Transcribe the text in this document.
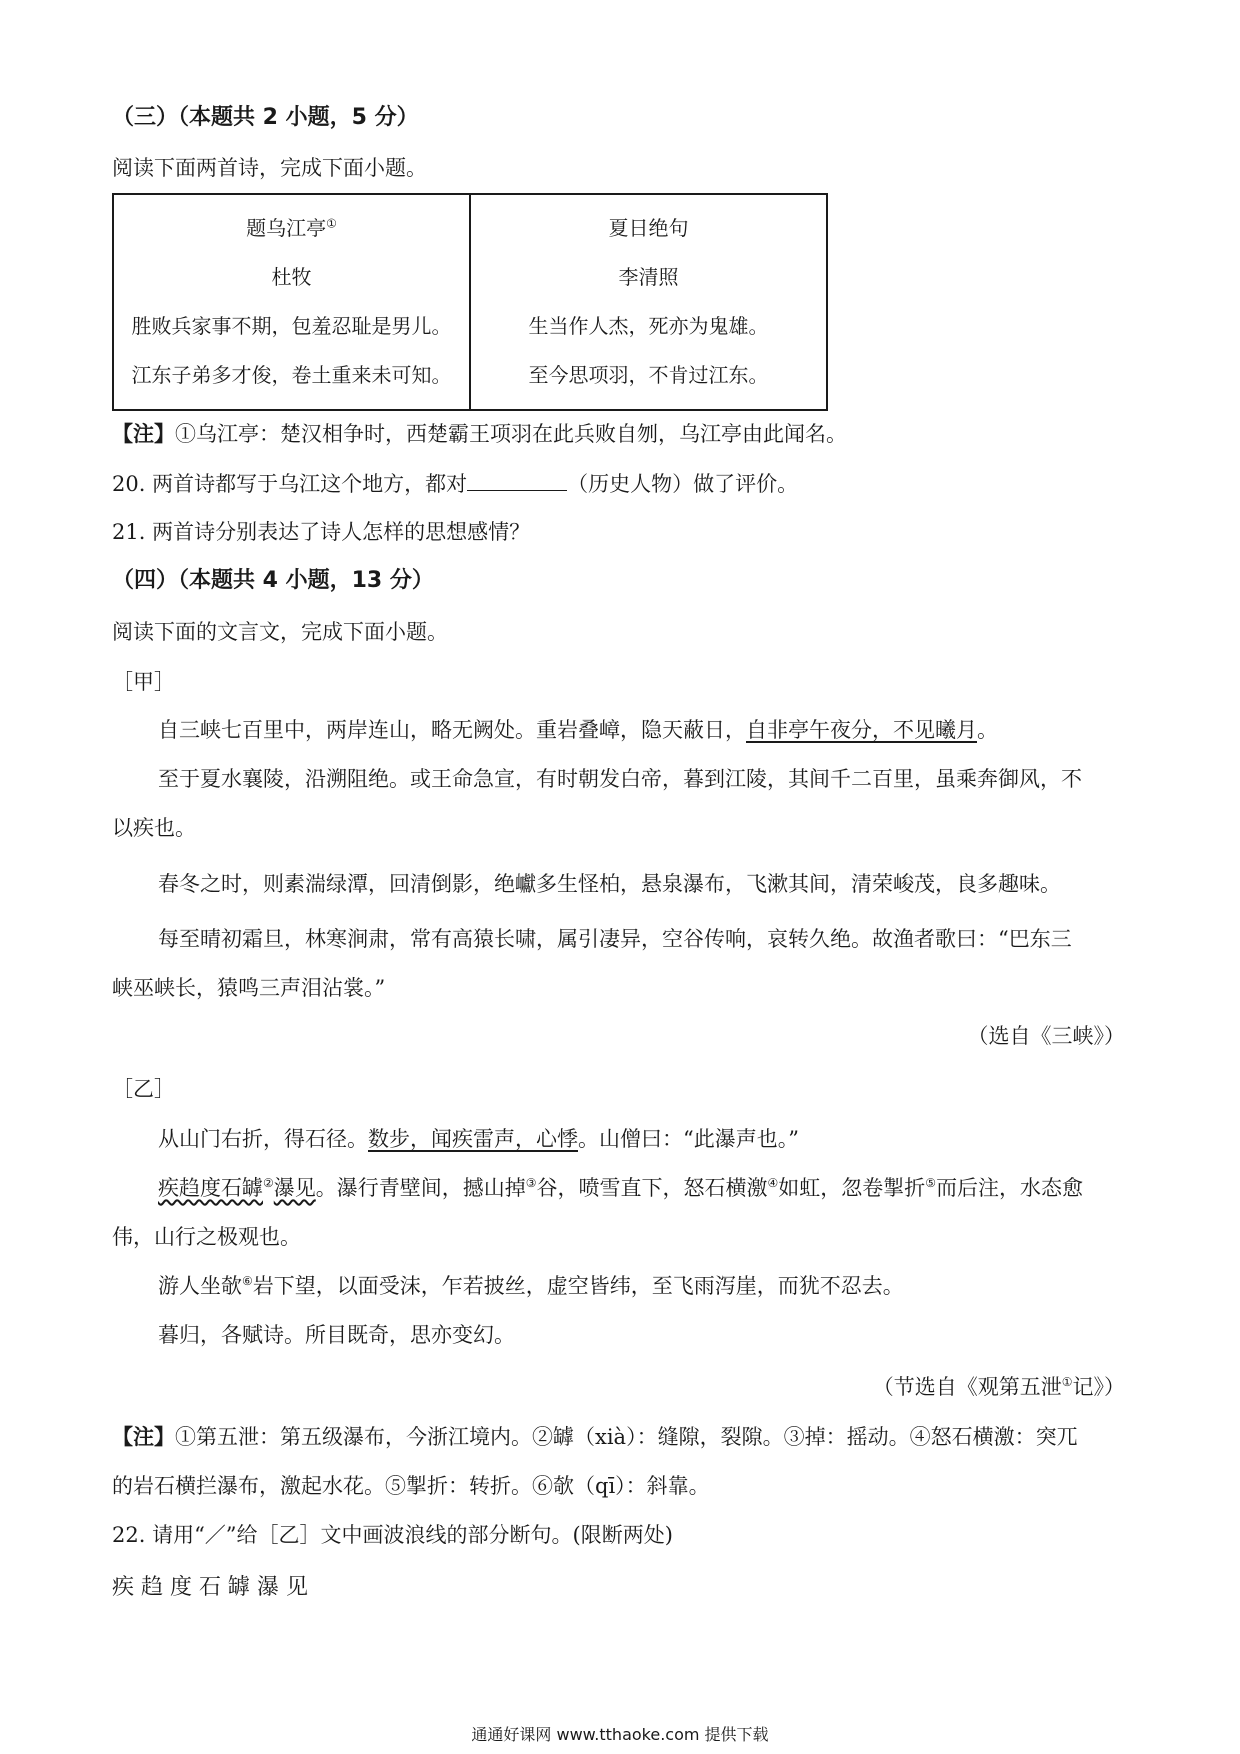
（三）（本题共 2 小题，5 分）
阅读下面两首诗，完成下面小题。
题乌江亭①
杜牧
胜败兵家事不期，包羞忍耻是男儿。
江东子弟多才俊，卷土重来未可知。

夏日绝句
李清照
生当作人杰，死亦为鬼雄。
至今思项羽，不肯过江东。
【注】①乌江亭：楚汉相争时，西楚霸王项羽在此兵败自刎，乌江亭由此闻名。
20. 两首诗都写于乌江这个地方，都对	（历史人物）做了评价。
21. 两首诗分别表达了诗人怎样的思想感情？
（四）（本题共 4 小题，13 分）
阅读下面的文言文，完成下面小题。
［甲］
自三峡七百里中，两岸连山，略无阙处。重岩叠嶂，隐天蔽日，自非亭午夜分，不见曦月。
至于夏水襄陵，沿溯阻绝。或王命急宣，有时朝发白帝，暮到江陵，其间千二百里，虽乘奔御风，不
以疾也。
春冬之时，则素湍绿潭，回清倒影，绝巘多生怪柏，悬泉瀑布，飞漱其间，清荣峻茂，良多趣味。
每至晴初霜旦，林寒涧肃，常有高猿长啸，属引凄异，空谷传响，哀转久绝。故渔者歌曰：“巴东三
峡巫峡长，猿鸣三声泪沾裳。”
（选自《三峡》）
［乙］
从山门右折，得石径。数步，闻疾雷声，心悸。山僧曰：“此瀑声也。”
疾趋度石罅②瀑见。瀑行青壁间，撼山掉③谷，喷雪直下，怒石横激④如虹，忽卷掣折⑤而后注，水态愈
伟，山行之极观也。
游人坐欹⑥岩下望，以面受沫，乍若披丝，虚空皆纬，至飞雨泻崖，而犹不忍去。
暮归，各赋诗。所目既奇，思亦变幻。
（节选自《观第五泄①记》）
【注】①第五泄：第五级瀑布，今浙江境内。②罅（xià）：缝隙，裂隙。③掉：摇动。④怒石横激：突兀
的岩石横拦瀑布，激起水花。⑤掣折：转折。⑥欹（qī）：斜靠。
22. 请用“／”给［乙］文中画波浪线的部分断句。(限断两处)
疾 趋 度 石 罅 瀑 见
通通好课网 www.tthaoke.com 提供下载
